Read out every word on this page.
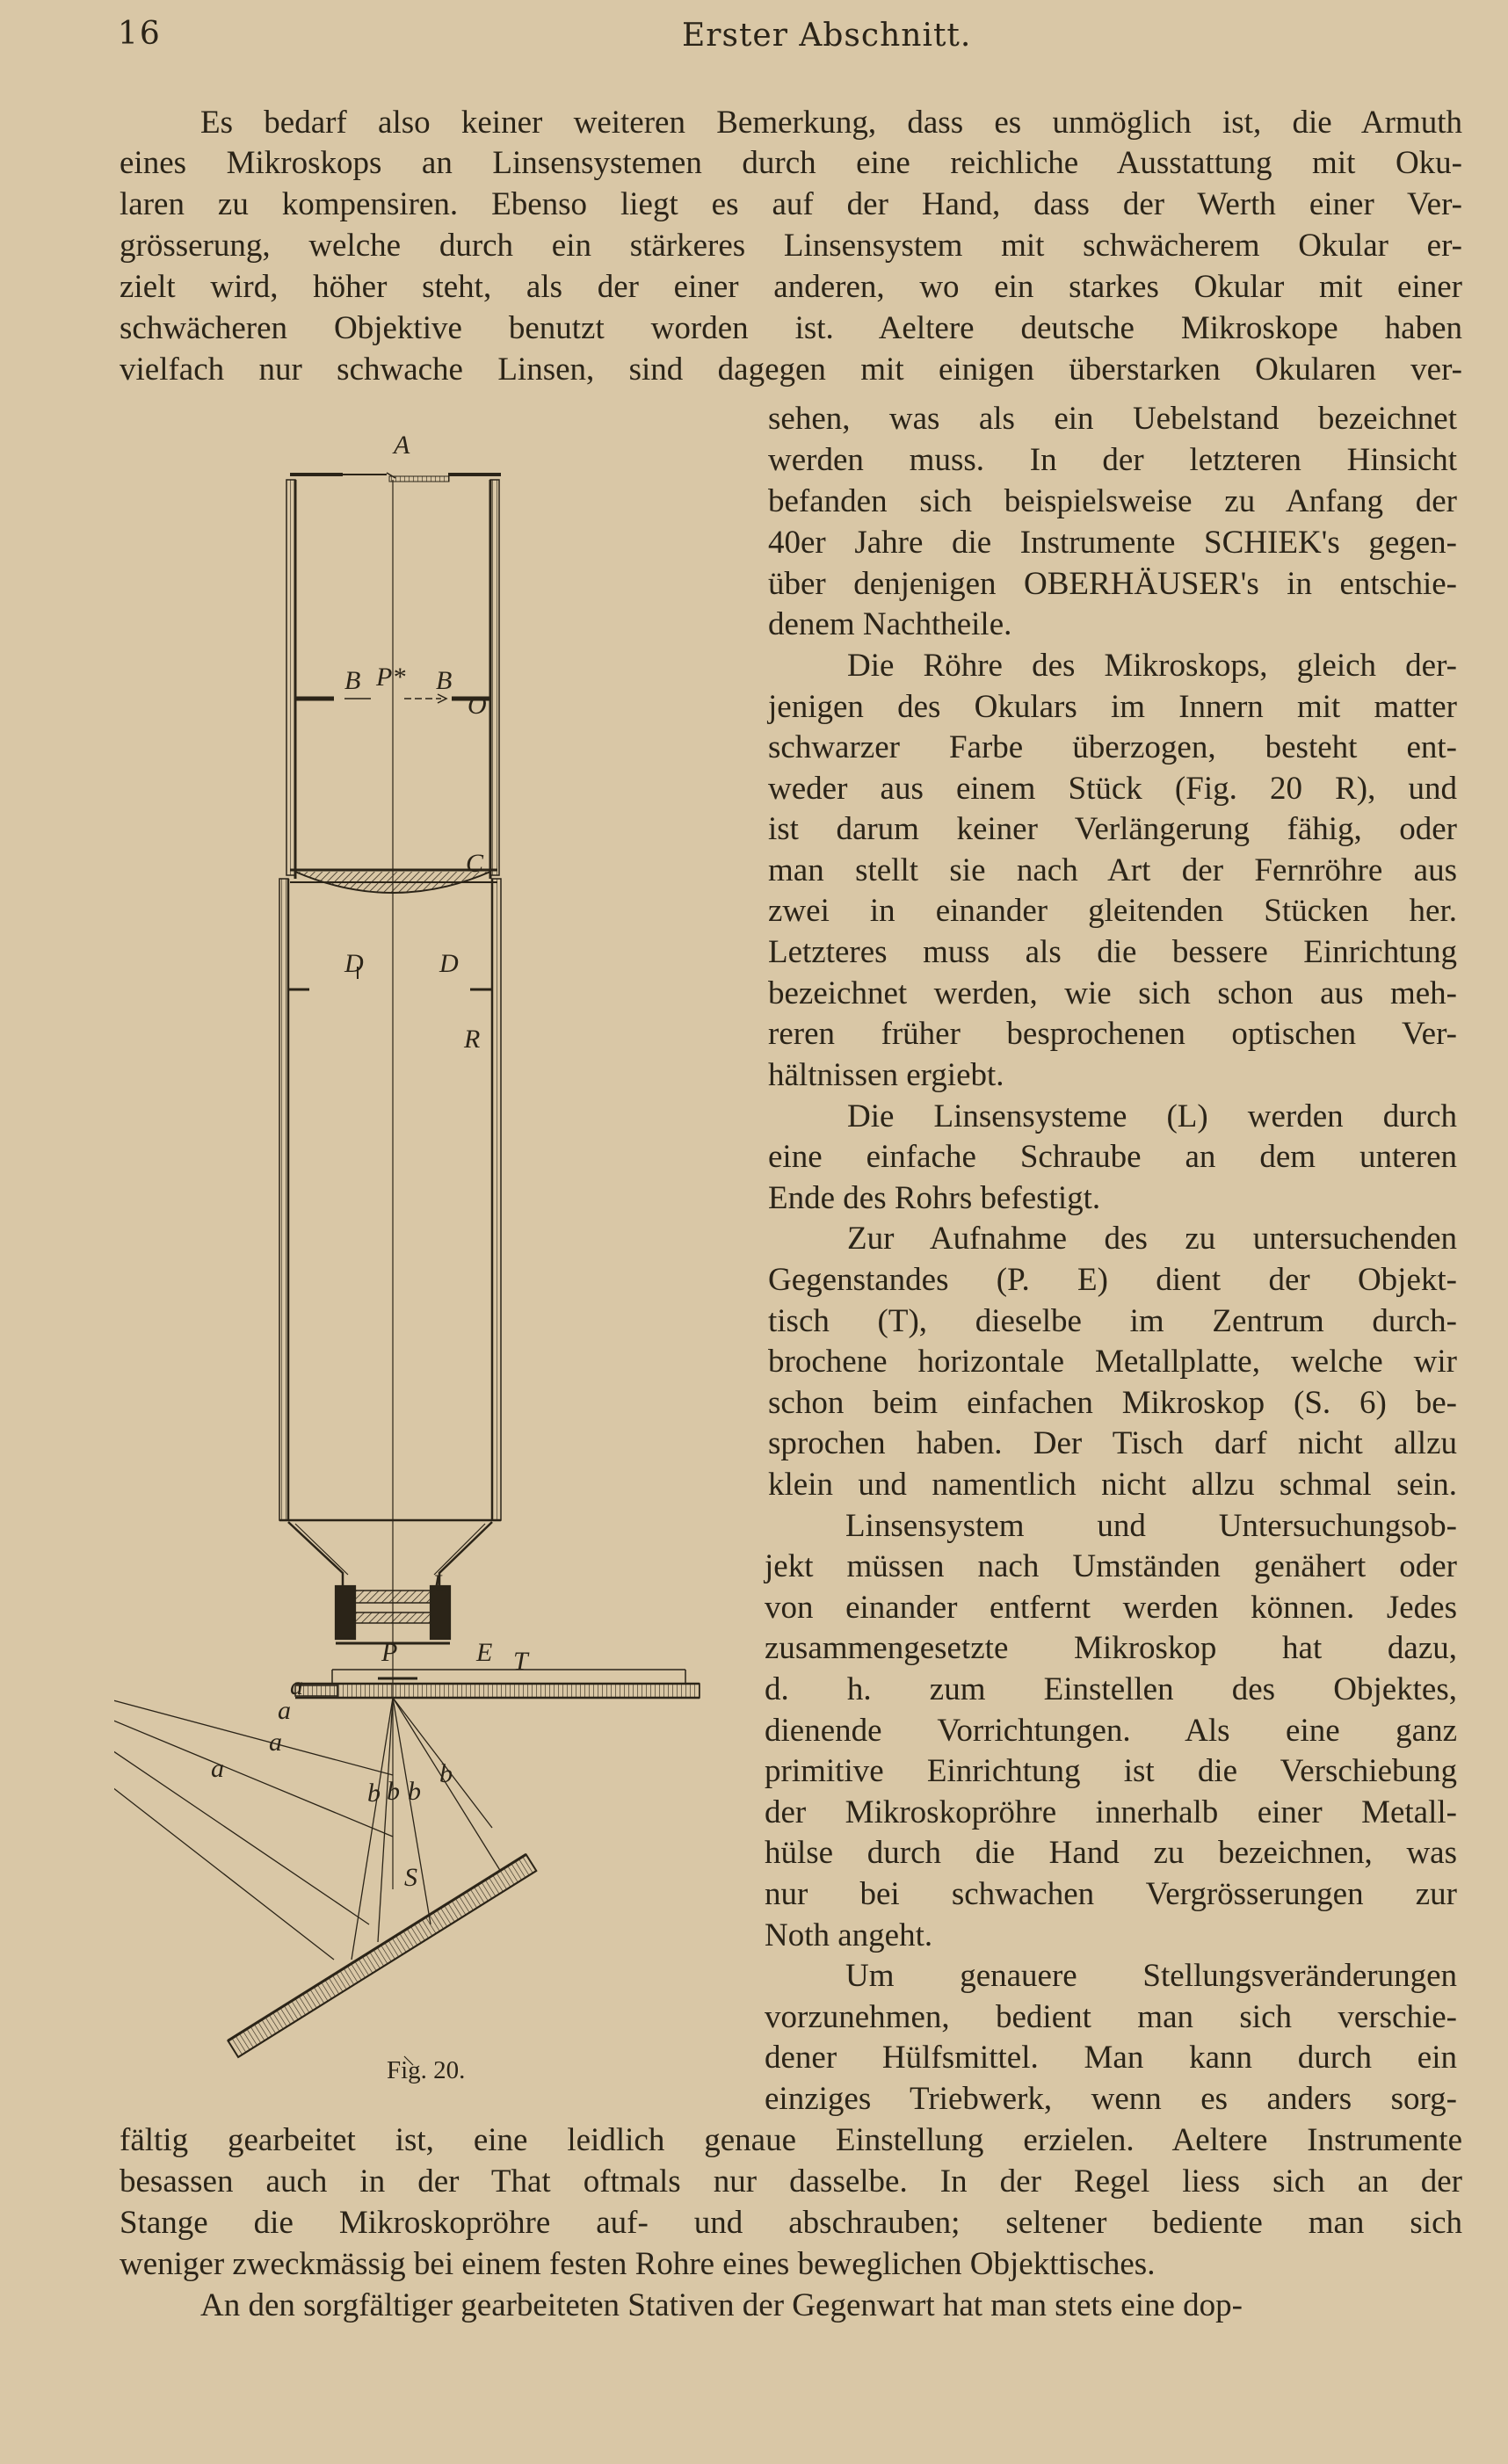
16	Erster Abschnitt.
Es bedarf also keiner weiteren Bemerkung, dass es unmöglich ist, die Armuth
eines Mikroskops an Linsensystemen durch eine reichliche Ausstattung mit Oku-
laren zu kompensiren. Ebenso liegt es auf der Hand, dass der Werth einer Ver-
grösserung, welche durch ein stärkeres Linsensystem mit schwächerem Okular er-
zielt wird, höher steht, als der einer anderen, wo ein starkes Okular mit einer
schwächeren Objektive benutzt worden ist. Aeltere deutsche Mikroskope haben
vielfach nur schwache Linsen, sind dagegen mit einigen überstarken Okularen ver-
sehen, was als ein Uebelstand bezeichnet
werden muss. In der letzteren Hinsicht
befanden sich beispielsweise zu Anfang der
40er Jahre die Instrumente SCHIEK's gegen-
über denjenigen OBERHÄUSER's in entschie-
denem Nachtheile.
Die Röhre des Mikroskops, gleich der-
jenigen des Okulars im Innern mit matter
schwarzer Farbe überzogen, besteht ent-
weder aus einem Stück (Fig. 20 R), und
ist darum keiner Verlängerung fähig, oder
man stellt sie nach Art der Fernröhre aus
zwei in einander gleitenden Stücken her.
Letzteres muss als die bessere Einrichtung
bezeichnet werden, wie sich schon aus meh-
reren früher besprochenen optischen Ver-
hältnissen ergiebt.
Die Linsensysteme (L) werden durch
eine einfache Schraube an dem unteren
Ende des Rohrs befestigt.
Zur Aufnahme des zu untersuchenden
Gegenstandes (P. E) dient der Objekt-
tisch (T), dieselbe im Zentrum durch-
brochene horizontale Metallplatte, welche wir
schon beim einfachen Mikroskop (S. 6) be-
sprochen haben. Der Tisch darf nicht allzu
klein und namentlich nicht allzu schmal sein.
Linsensystem und Untersuchungsob-
jekt müssen nach Umständen genähert oder
von einander entfernt werden können. Jedes
zusammengesetzte Mikroskop hat dazu,
d. h. zum Einstellen des Objektes,
dienende Vorrichtungen. Als eine ganz
primitive Einrichtung ist die Verschiebung
der Mikroskopröhre innerhalb einer Metall-
hülse durch die Hand zu bezeichnen, was
nur bei schwachen Vergrösserungen zur
Noth angeht.
Um genauere Stellungsveränderungen
vorzunehmen, bedient man sich verschie-
dener Hülfsmittel. Man kann durch ein
einziges Triebwerk, wenn es anders sorg-
fältig gearbeitet ist, eine leidlich genaue Einstellung erzielen. Aeltere Instrumente
besassen auch in der That oftmals nur dasselbe. In der Regel liess sich an der
Stange die Mikroskopröhre auf- und abschrauben; seltener bediente man sich
weniger zweckmässig bei einem festen Rohre eines beweglichen Objekttisches.
An den sorgfältiger gearbeiteten Stativen der Gegenwart hat man stets eine dop-
A
B P* B
O
C
D	D
R
L
P	E T
a
a
a
a
b b b
b
S
Fig. 20.
